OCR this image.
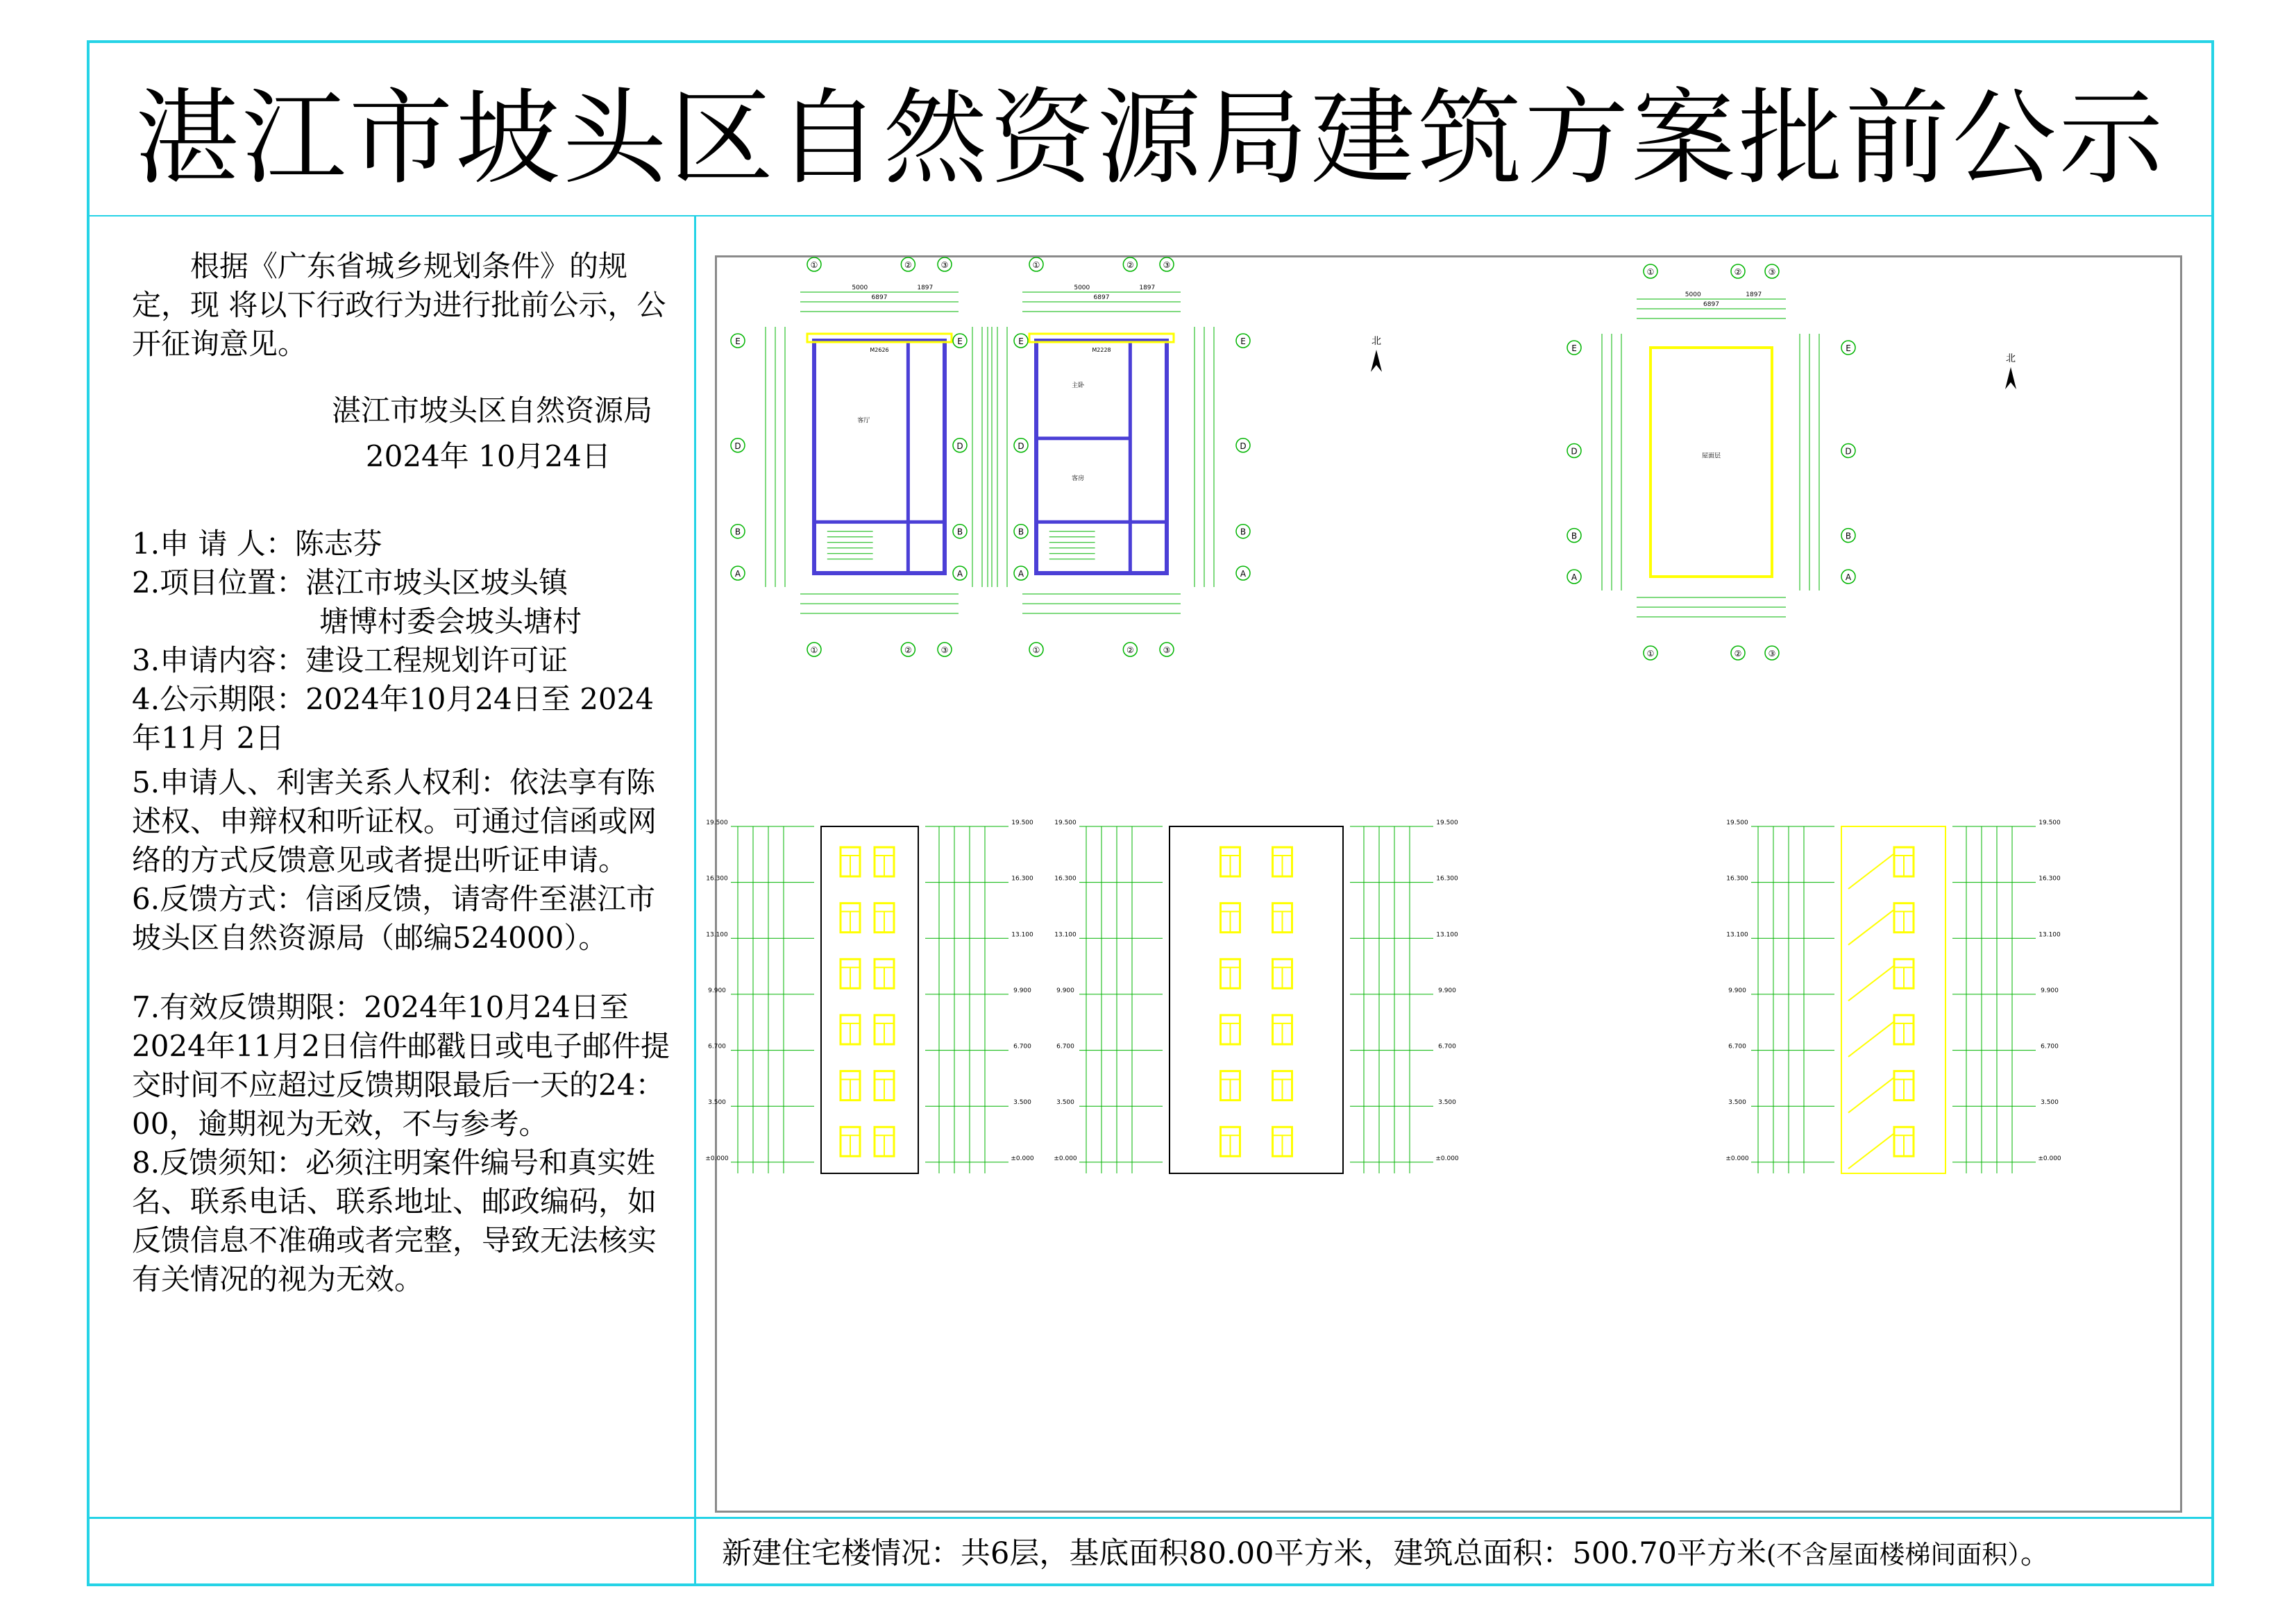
湛江市坡头区自然资源局建筑方案批前公示

根据《广东省城乡规划条件》的规定，现 将以下行政行为进行批前公示，公开征询意见。

湛江市坡头区自然资源局

2024年 10月24日

1.申 请 人：陈志芬

2.项目位置：湛江市坡头区坡头镇

塘博村委会坡头塘村

3.申请内容：建设工程规划许可证

4.公示期限：2024年10月24日至 2024年11月 2日

5.申请人、利害关系人权利：依法享有陈述权、申辩权和听证权。可通过信函或网络的方式反馈意见或者提出听证申请。

6.反馈方式：信函反馈，请寄件至湛江市坡头区自然资源局（邮编524000）。

7.有效反馈期限：2024年10月24日至2024年11月2日信件邮戳日或电子邮件提交时间不应超过反馈期限最后一天的24：00，逾期视为无效，不与参考。

8.反馈须知：必须注明案件编号和真实姓名、联系电话、联系地址、邮政编码，如反馈信息不准确或者完整，导致无法核实有关情况的视为无效。

5000	1897
6897
①
①
②
②
③
③
A	A
B	B
D	D
E	E
客厅
M2626
5000	1897
6897
①
①
②
②
③
③
A	A
B	B
D	D
E	E
主卧
客房
M2228
北
5000	1897
6897
①
①
②
②
③
③
A	A
B	B
D	D
E	E
屋面层
北
19.500	19.500
16.300	16.300
13.100	13.100
9.900	9.900
6.700	6.700
3.500	3.500
±0.000	±0.000
19.500	19.500
16.300	16.300
13.100	13.100
9.900	9.900
6.700	6.700
3.500	3.500
±0.000	±0.000
19.500	19.500
16.300	16.300
13.100	13.100
9.900	9.900
6.700	6.700
3.500	3.500
±0.000	±0.000
新建住宅楼情况：共6层，基底面积80.00平方米，建筑总面积：500.70平方米(不含屋面楼梯间面积）。
